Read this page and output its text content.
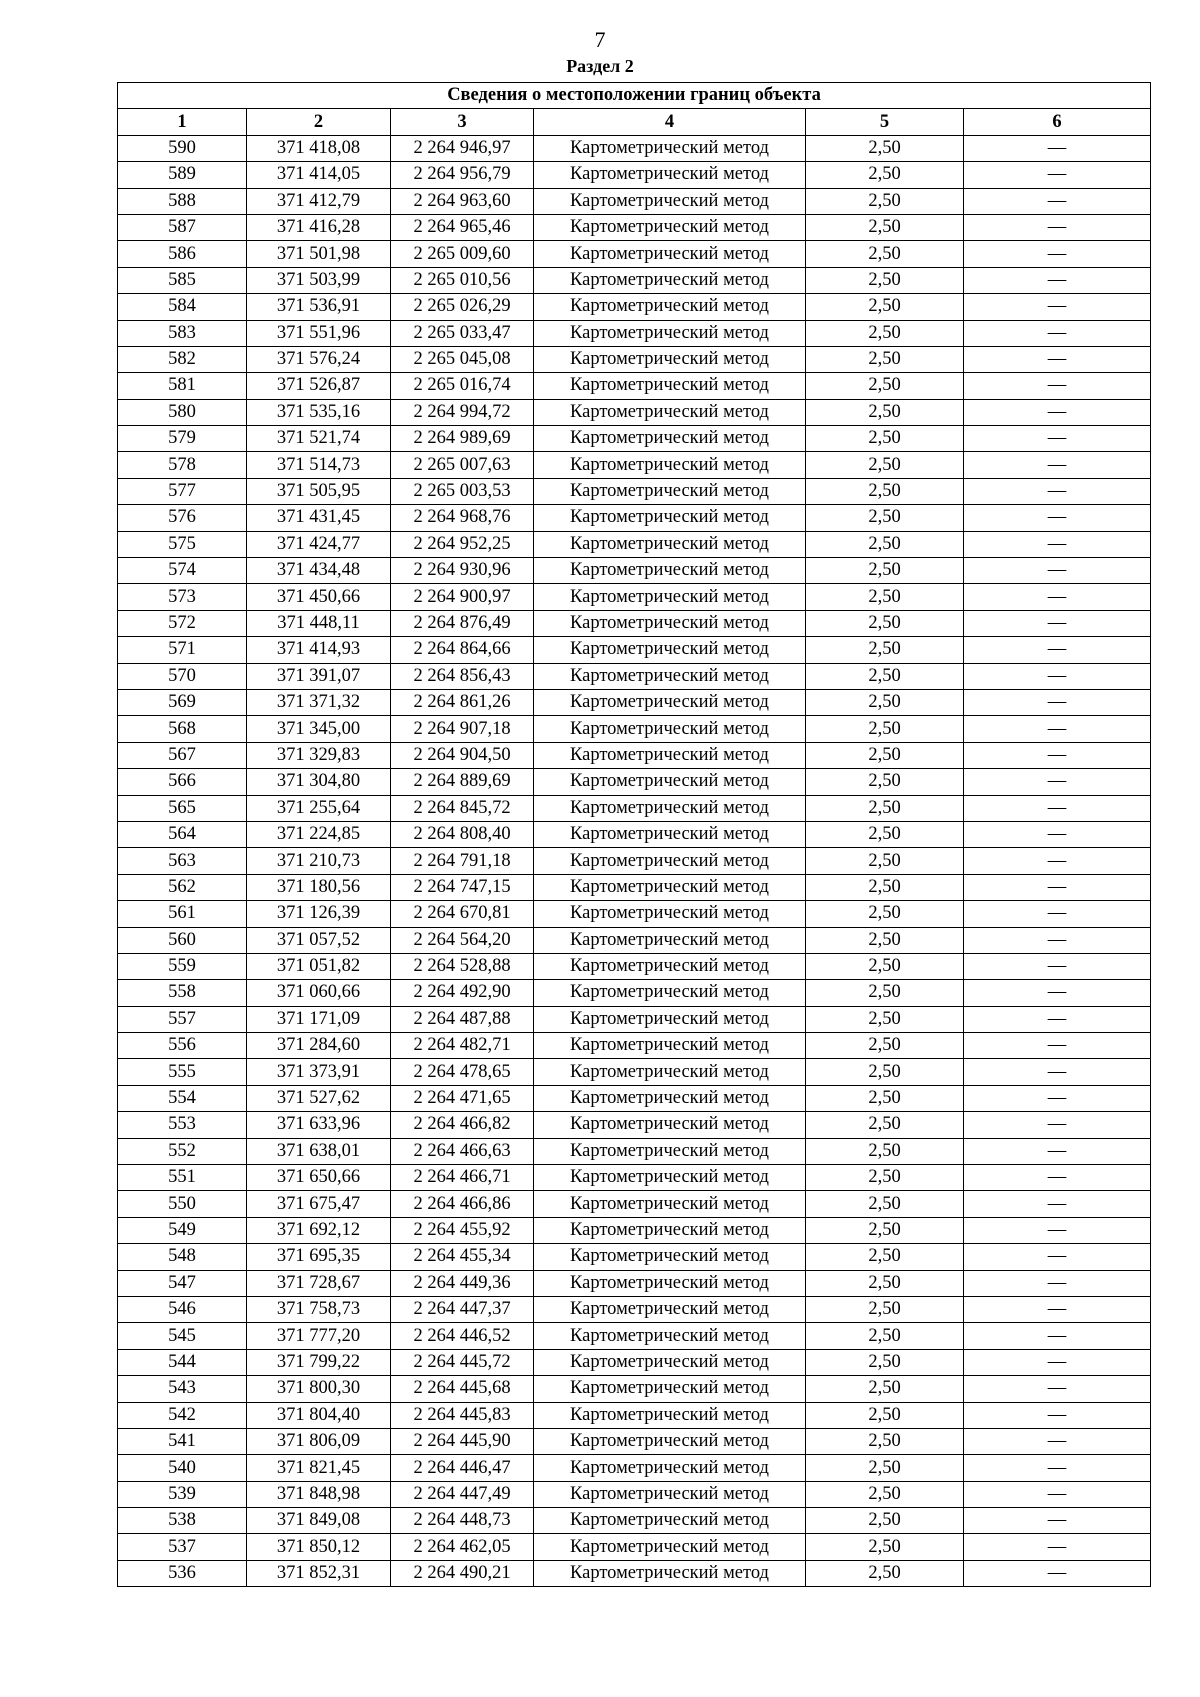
7
Раздел 2
Сведения о местоположении границ объекта					
1	2	3	4	5	6
590	371 418,08	2 264 946,97	Картометрический метод	2,50	—
589	371 414,05	2 264 956,79	Картометрический метод	2,50	—
588	371 412,79	2 264 963,60	Картометрический метод	2,50	—
587	371 416,28	2 264 965,46	Картометрический метод	2,50	—
586	371 501,98	2 265 009,60	Картометрический метод	2,50	—
585	371 503,99	2 265 010,56	Картометрический метод	2,50	—
584	371 536,91	2 265 026,29	Картометрический метод	2,50	—
583	371 551,96	2 265 033,47	Картометрический метод	2,50	—
582	371 576,24	2 265 045,08	Картометрический метод	2,50	—
581	371 526,87	2 265 016,74	Картометрический метод	2,50	—
580	371 535,16	2 264 994,72	Картометрический метод	2,50	—
579	371 521,74	2 264 989,69	Картометрический метод	2,50	—
578	371 514,73	2 265 007,63	Картометрический метод	2,50	—
577	371 505,95	2 265 003,53	Картометрический метод	2,50	—
576	371 431,45	2 264 968,76	Картометрический метод	2,50	—
575	371 424,77	2 264 952,25	Картометрический метод	2,50	—
574	371 434,48	2 264 930,96	Картометрический метод	2,50	—
573	371 450,66	2 264 900,97	Картометрический метод	2,50	—
572	371 448,11	2 264 876,49	Картометрический метод	2,50	—
571	371 414,93	2 264 864,66	Картометрический метод	2,50	—
570	371 391,07	2 264 856,43	Картометрический метод	2,50	—
569	371 371,32	2 264 861,26	Картометрический метод	2,50	—
568	371 345,00	2 264 907,18	Картометрический метод	2,50	—
567	371 329,83	2 264 904,50	Картометрический метод	2,50	—
566	371 304,80	2 264 889,69	Картометрический метод	2,50	—
565	371 255,64	2 264 845,72	Картометрический метод	2,50	—
564	371 224,85	2 264 808,40	Картометрический метод	2,50	—
563	371 210,73	2 264 791,18	Картометрический метод	2,50	—
562	371 180,56	2 264 747,15	Картометрический метод	2,50	—
561	371 126,39	2 264 670,81	Картометрический метод	2,50	—
560	371 057,52	2 264 564,20	Картометрический метод	2,50	—
559	371 051,82	2 264 528,88	Картометрический метод	2,50	—
558	371 060,66	2 264 492,90	Картометрический метод	2,50	—
557	371 171,09	2 264 487,88	Картометрический метод	2,50	—
556	371 284,60	2 264 482,71	Картометрический метод	2,50	—
555	371 373,91	2 264 478,65	Картометрический метод	2,50	—
554	371 527,62	2 264 471,65	Картометрический метод	2,50	—
553	371 633,96	2 264 466,82	Картометрический метод	2,50	—
552	371 638,01	2 264 466,63	Картометрический метод	2,50	—
551	371 650,66	2 264 466,71	Картометрический метод	2,50	—
550	371 675,47	2 264 466,86	Картометрический метод	2,50	—
549	371 692,12	2 264 455,92	Картометрический метод	2,50	—
548	371 695,35	2 264 455,34	Картометрический метод	2,50	—
547	371 728,67	2 264 449,36	Картометрический метод	2,50	—
546	371 758,73	2 264 447,37	Картометрический метод	2,50	—
545	371 777,20	2 264 446,52	Картометрический метод	2,50	—
544	371 799,22	2 264 445,72	Картометрический метод	2,50	—
543	371 800,30	2 264 445,68	Картометрический метод	2,50	—
542	371 804,40	2 264 445,83	Картометрический метод	2,50	—
541	371 806,09	2 264 445,90	Картометрический метод	2,50	—
540	371 821,45	2 264 446,47	Картометрический метод	2,50	—
539	371 848,98	2 264 447,49	Картометрический метод	2,50	—
538	371 849,08	2 264 448,73	Картометрический метод	2,50	—
537	371 850,12	2 264 462,05	Картометрический метод	2,50	—
536	371 852,31	2 264 490,21	Картометрический метод	2,50	—
